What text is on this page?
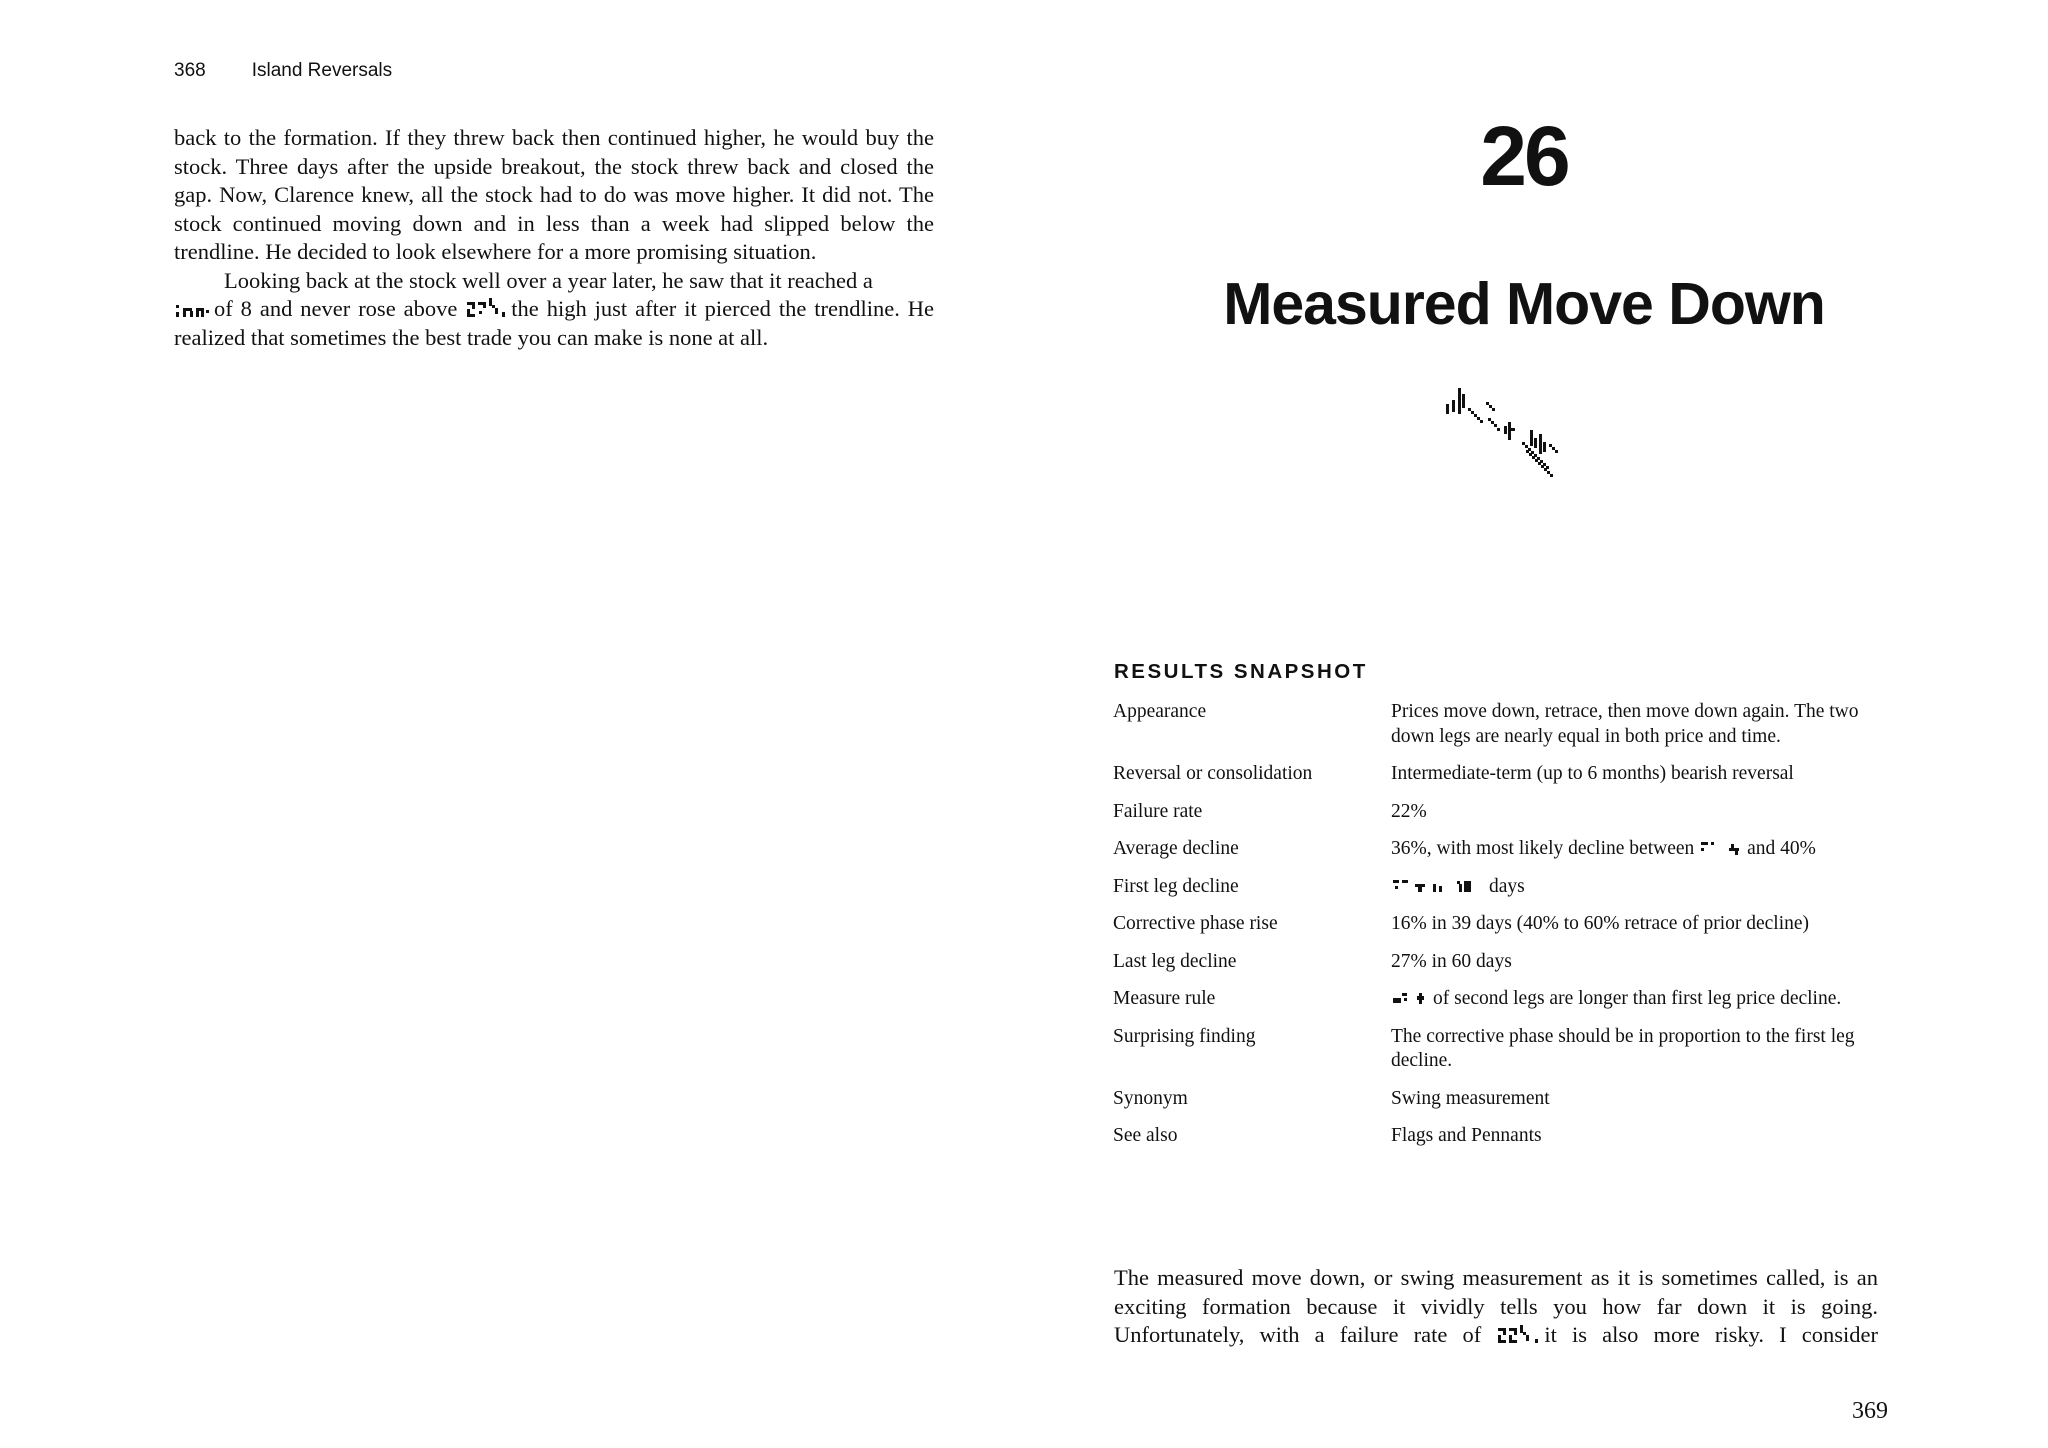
368 Island Reversals

back to the formation. If they threw back then continued higher, he would buy the stock. Three days after the upside breakout, the stock threw back and closed the gap. Now, Clarence knew, all the stock had to do was move higher. It did not. The stock continued moving down and in less than a week had slipped below the trendline. He decided to look elsewhere for a more promising situation.

Looking back at the stock well over a year later, he saw that it reached a
of 8 and never rose above the high just after it pierced the trendline. He realized that sometimes the best trade you can make is none at all.

26
Measured Move Down
RESULTS SNAPSHOT
Appearance	Prices move down, retrace, then move down again. The two down legs are nearly equal in both price and time.
Reversal or consolidation	Intermediate-term (up to 6 months) bearish reversal
Failure rate	22%
Average decline	36%, with most likely decline between	and 40%
First leg decline	days
Corrective phase rise	16% in 39 days (40% to 60% retrace of prior decline)
Last leg decline	27% in 60 days
Measure rule	of second legs are longer than first leg price decline.
Surprising finding	The corrective phase should be in proportion to the first leg decline.
Synonym	Swing measurement
See also	Flags and Pennants
The measured move down, or swing measurement as it is sometimes called, is an exciting formation because it vividly tells you how far down it is going. Unfortunately, with a failure rate of	it is also more risky. I consider
369
